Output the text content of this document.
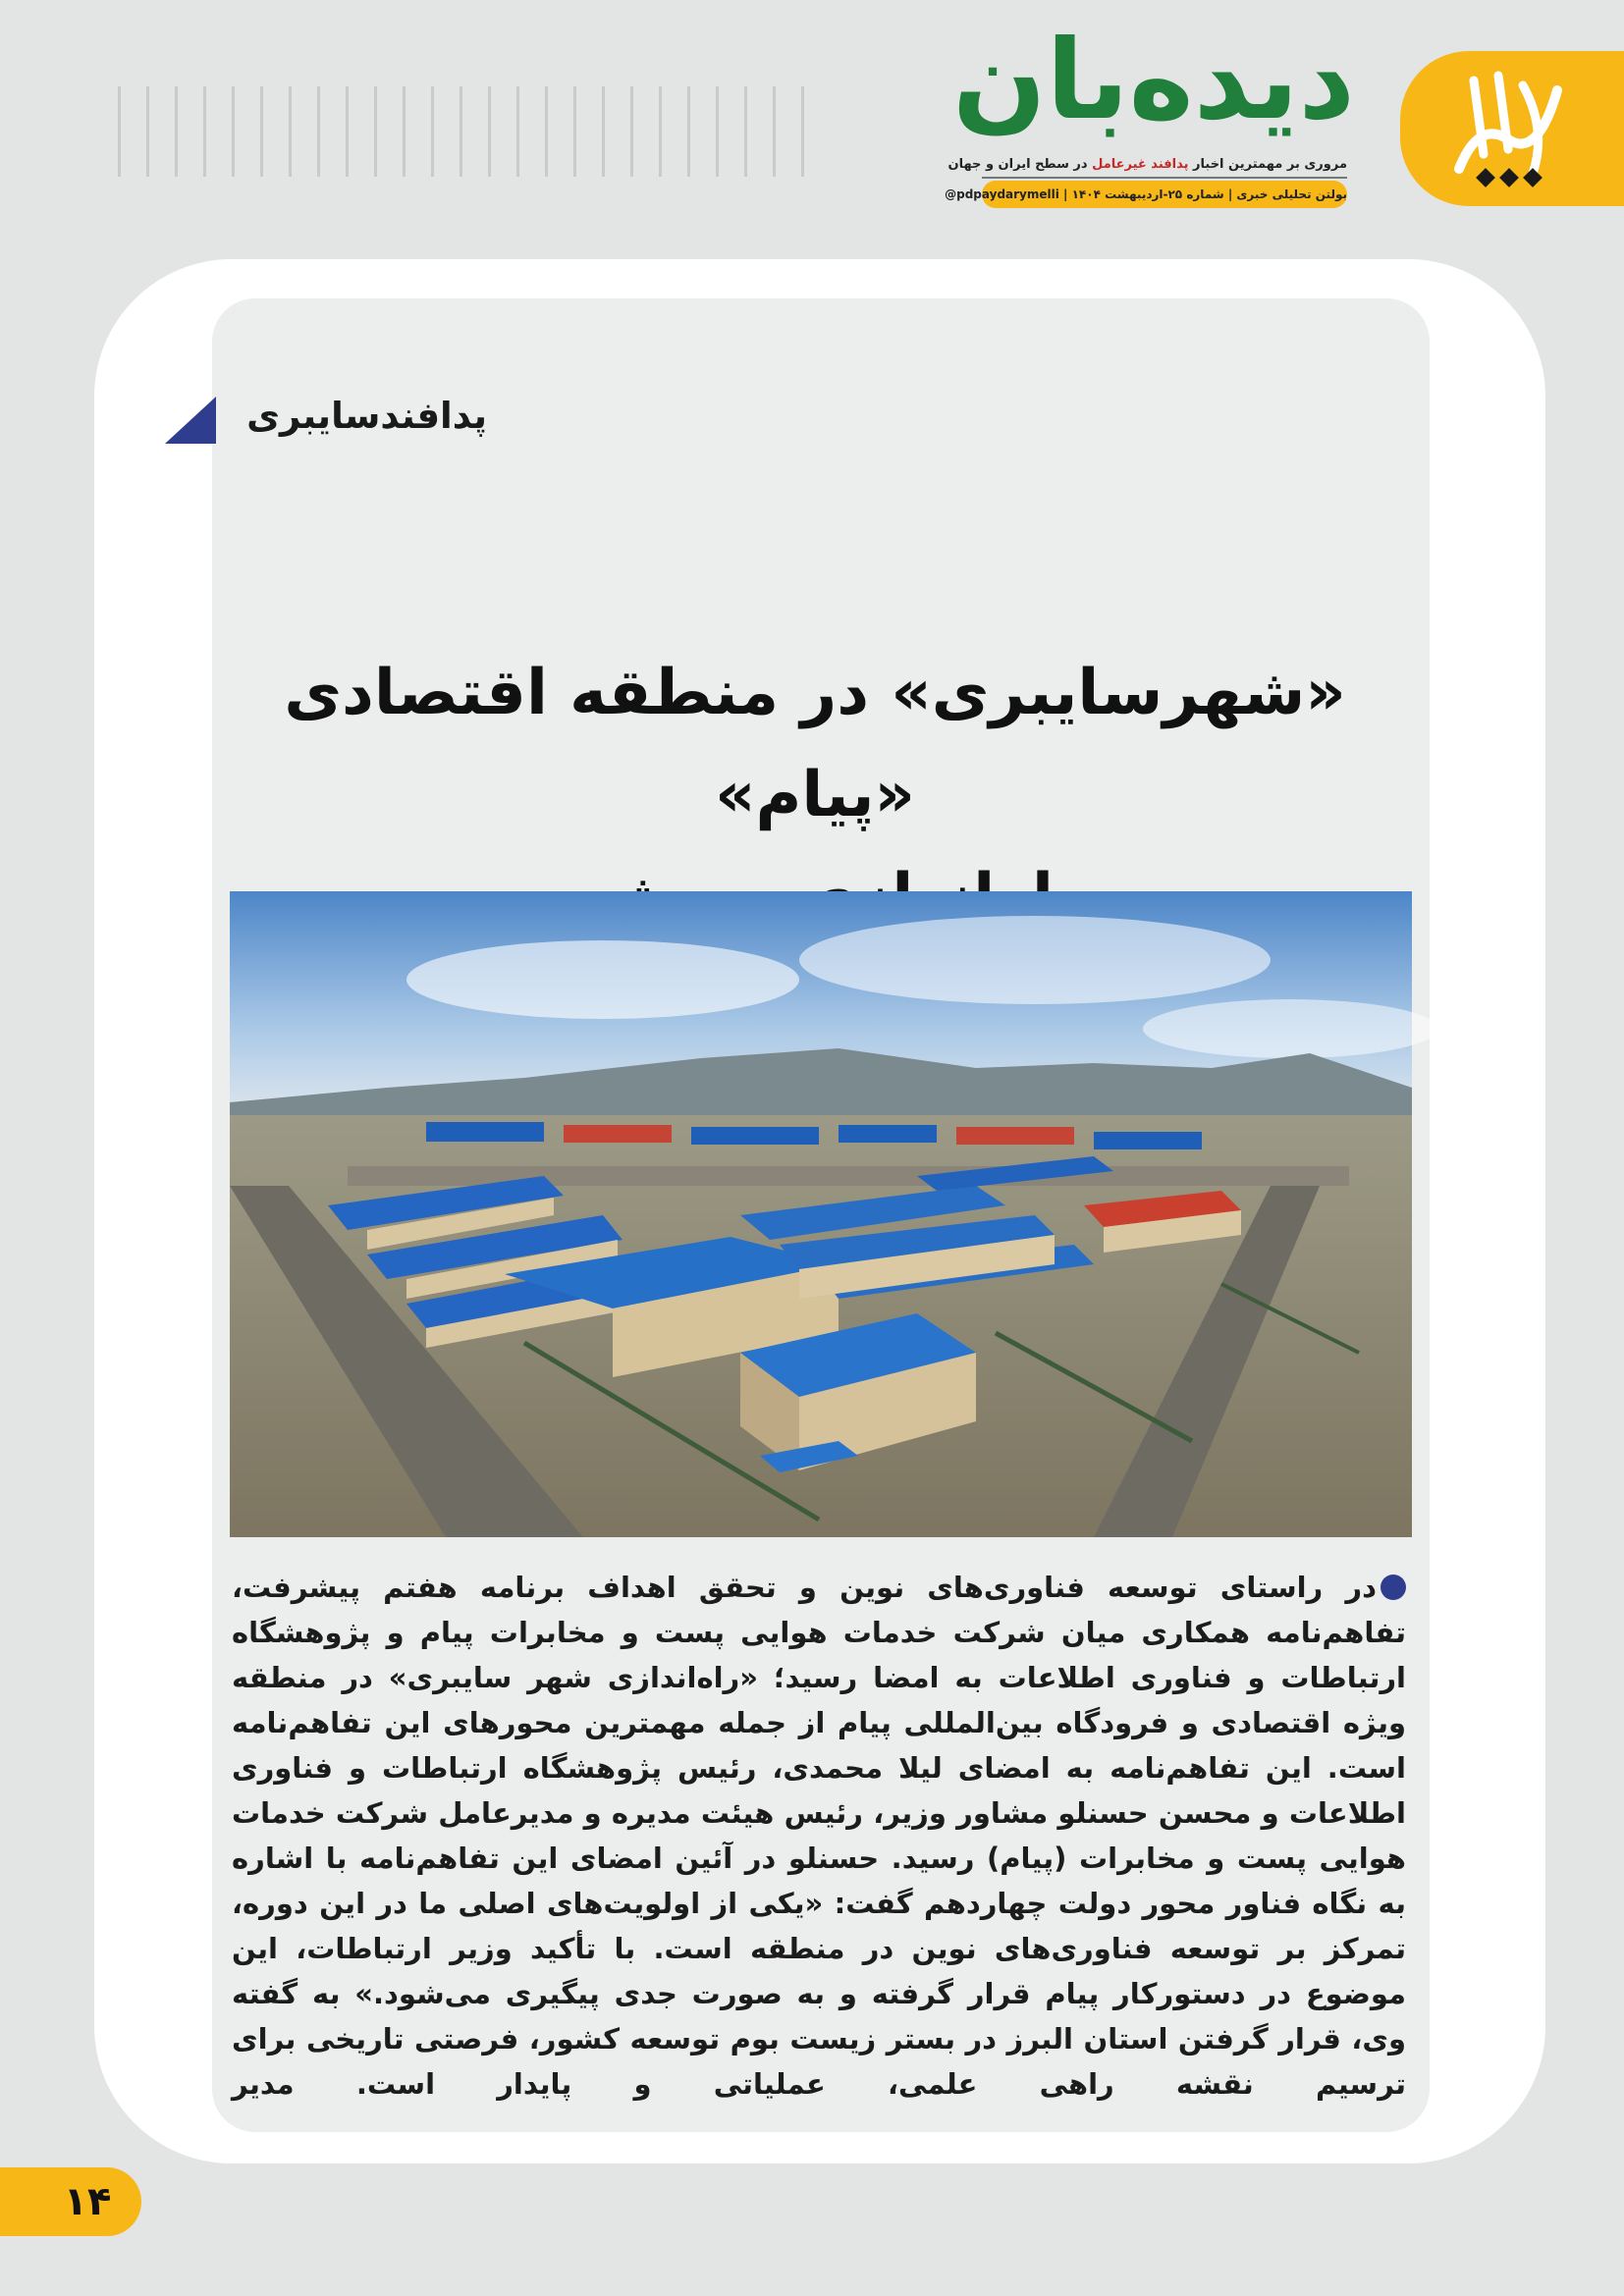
دیده‌بان
مروری بر مهمترین اخبار پدافند غیرعامل در سطح ایران و جهان
بولتن تحلیلی خبری | شماره ۲۵-اردیبهشت ۱۴۰۴ | pdpaydarymelli@
پدافندسایبری
«شهرسایبری» در منطقه اقتصادی «پیام»
در راستای توسعه فناوری‌های نوین و تحقق اهداف برنامه هفتم پیشرفت، تفاهم‌نامه همکاری میان شرکت خدمات هوایی پست و مخابرات پیام و پژوهشگاه ارتباطات و فناوری اطلاعات به امضا رسید؛ «راه‌اندازی شهر سایبری» در منطقه ویژه اقتصادی و فرودگاه بین‌المللی پیام از جمله مهمترین محورهای این تفاهم‌نامه است. این تفاهم‌نامه به امضای لیلا محمدی، رئیس پژوهشگاه ارتباطات و فناوری اطلاعات و محسن حسنلو مشاور وزیر، رئیس هیئت مدیره و مدیرعامل شرکت خدمات هوایی پست و مخابرات (پیام) رسید. حسنلو در آئین امضای این تفاهم‌نامه با اشاره به نگاه فناور محور دولت چهاردهم گفت: «یکی از اولویت‌های اصلی ما در این دوره، تمرکز بر توسعه فناوری‌های نوین در منطقه است. با تأکید وزیر ارتباطات، این موضوع در دستورکار پیام قرار گرفته و به صورت جدی پیگیری می‌شود.» به گفته وی، قرار گرفتن استان البرز در بستر زیست بوم توسعه کشور، فرصتی تاریخی برای ترسیم نقشه راهی علمی، عملیاتی و پایدار است. مدیر
۱۴
